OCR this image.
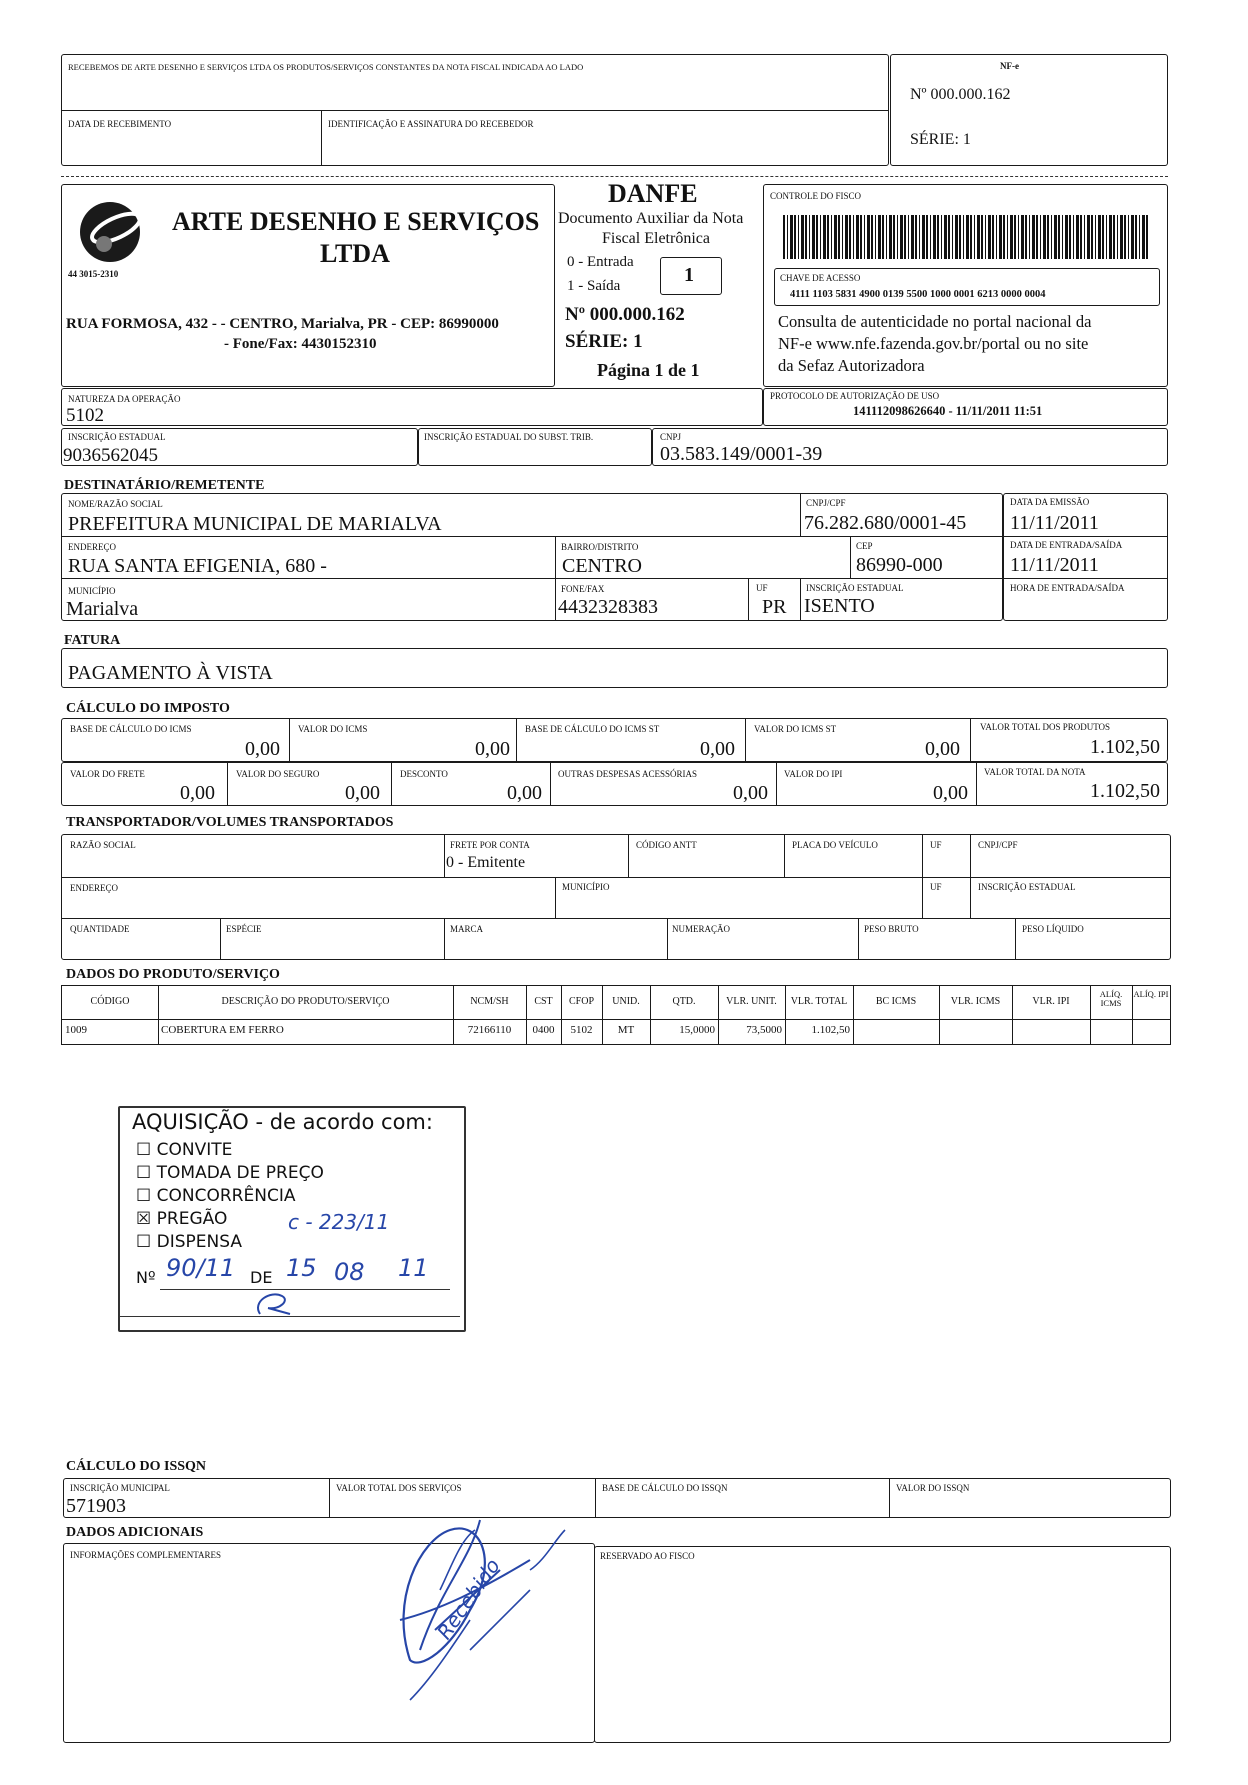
RECEBEMOS DE ARTE DESENHO E SERVIÇOS LTDA OS PRODUTOS/SERVIÇOS CONSTANTES DA NOTA FISCAL INDICADA AO LADO
DATA DE RECEBIMENTO	IDENTIFICAÇÃO E ASSINATURA DO RECEBEDOR
NF-e
Nº 000.000.162
SÉRIE: 1
44 3015-2310
ARTE DESENHO E SERVIÇOS
LTDA
RUA FORMOSA, 432 - - CENTRO, Marialva, PR - CEP: 86990000
- Fone/Fax: 4430152310
DANFE
Documento Auxiliar da Nota
Fiscal Eletrônica
0 - Entrada
1 - Saída	1
Nº 000.000.162
SÉRIE: 1
Página 1 de 1
CONTROLE DO FISCO
CHAVE DE ACESSO
4111 1103 5831 4900 0139 5500 1000 0001 6213 0000 0004
Consulta de autenticidade no portal nacional da
NF-e www.nfe.fazenda.gov.br/portal ou no site
da Sefaz Autorizadora
NATUREZA DA OPERAÇÃO
5102
PROTOCOLO DE AUTORIZAÇÃO DE USO
141112098626640 - 11/11/2011 11:51
INSCRIÇÃO ESTADUAL
9036562045
INSCRIÇÃO ESTADUAL DO SUBST. TRIB.	CNPJ
03.583.149/0001-39
DESTINATÁRIO/REMETENTE
NOME/RAZÃO SOCIAL
PREFEITURA MUNICIPAL DE MARIALVA
CNPJ/CPF
76.282.680/0001-45
DATA DA EMISSÃO
11/11/2011
ENDEREÇO
RUA SANTA EFIGENIA, 680 -
BAIRRO/DISTRITO
CENTRO
CEP
86990-000
DATA DE ENTRADA/SAÍDA
11/11/2011
MUNICÍPIO
Marialva
FONE/FAX
4432328383
UF
PR
INSCRIÇÃO ESTADUAL
ISENTO
HORA DE ENTRADA/SAÍDA
FATURA
PAGAMENTO À VISTA
CÁLCULO DO IMPOSTO
BASE DE CÁLCULO DO ICMS
0,00
VALOR DO ICMS
0,00
BASE DE CÁLCULO DO ICMS ST
0,00
VALOR DO ICMS ST
0,00
VALOR TOTAL DOS PRODUTOS
1.102,50
VALOR DO FRETE
0,00
VALOR DO SEGURO
0,00
DESCONTO
0,00
OUTRAS DESPESAS ACESSÓRIAS
0,00
VALOR DO IPI
0,00
VALOR TOTAL DA NOTA
1.102,50
TRANSPORTADOR/VOLUMES TRANSPORTADOS
RAZÃO SOCIAL	FRETE POR CONTA
0 - Emitente
CÓDIGO ANTT	PLACA DO VEÍCULO	UF	CNPJ/CPF
ENDEREÇO	MUNICÍPIO	UF	INSCRIÇÃO ESTADUAL
QUANTIDADE	ESPÉCIE	MARCA	NUMERAÇÃO	PESO BRUTO	PESO LÍQUIDO
DADOS DO PRODUTO/SERVIÇO
CÓDIGO	DESCRIÇÃO DO PRODUTO/SERVIÇO	NCM/SH	CST	CFOP	UNID.	QTD.	VLR. UNIT.	VLR. TOTAL	BC ICMS	VLR. ICMS	VLR. IPI
ALÍQ. ICMS
ALÍQ. IPI
1009	COBERTURA EM FERRO	72166110	0400	5102	MT	15,0000	73,5000	1.102,50
AQUISIÇÃO - de acordo com:
☐ CONVITE
☐ TOMADA DE PREÇO
☐ CONCORRÊNCIA
☒ PREGÃO	c - 223/11
☐ DISPENSA
Nº 90/11 DE 15 08 11
CÁLCULO DO ISSQN
INSCRIÇÃO MUNICIPAL
571903
VALOR TOTAL DOS SERVIÇOS	BASE DE CÁLCULO DO ISSQN	VALOR DO ISSQN
DADOS ADICIONAIS
INFORMAÇÕES COMPLEMENTARES	RESERVADO AO FISCO
Recebido
